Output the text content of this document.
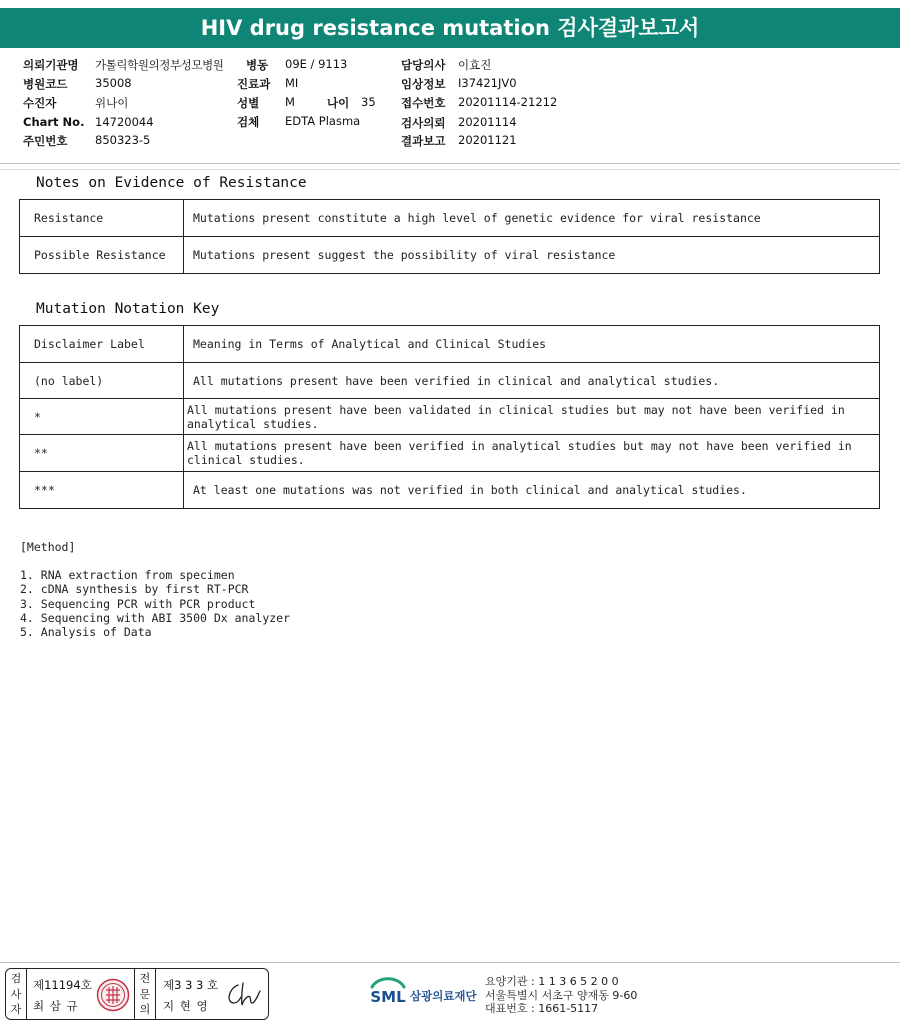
HIV drug resistance mutation 검사결과보고서
의뢰기관명 가톨릭학원의정부성모병원
병원코드 35008
수진자	위나이
Chart No. 14720044
주민번호 850323-5
병동 09E / 9113
진료과 MI
성별 M	나이 35
검체 EDTA Plasma
담당의사 이효진
임상정보 I37421JV0
접수번호 20201114-21212
검사의뢰 20201114
결과보고 20201121
Notes on Evidence of Resistance
Resistance	Mutations present constitute a high level of genetic evidence for viral resistance
Possible Resistance	Mutations present suggest the possibility of viral resistance
Mutation Notation Key
Disclaimer Label	Meaning in Terms of Analytical and Clinical Studies
(no label)	All mutations present have been verified in clinical and analytical studies.
*	All mutations present have been validated in clinical studies but may not have been verified in analytical studies.
**	All mutations present have been verified in analytical studies but may not have been verified in clinical studies.
***	At least one mutations was not verified in both clinical and analytical studies.
[Method]
1. RNA extraction from specimen
2. cDNA synthesis by first RT-PCR
3. Sequencing PCR with PCR product
4. Sequencing with ABI 3500 Dx analyzer
5. Analysis of Data
검사자
제11194호
최 삼 규
전문의
제3 3 3 호
지 현 영	SML 삼광의료재단
요양기관 : 1 1 3 6 5 2 0 0
서울특별시 서초구 양재동 9-60
대표번호 : 1661-5117
